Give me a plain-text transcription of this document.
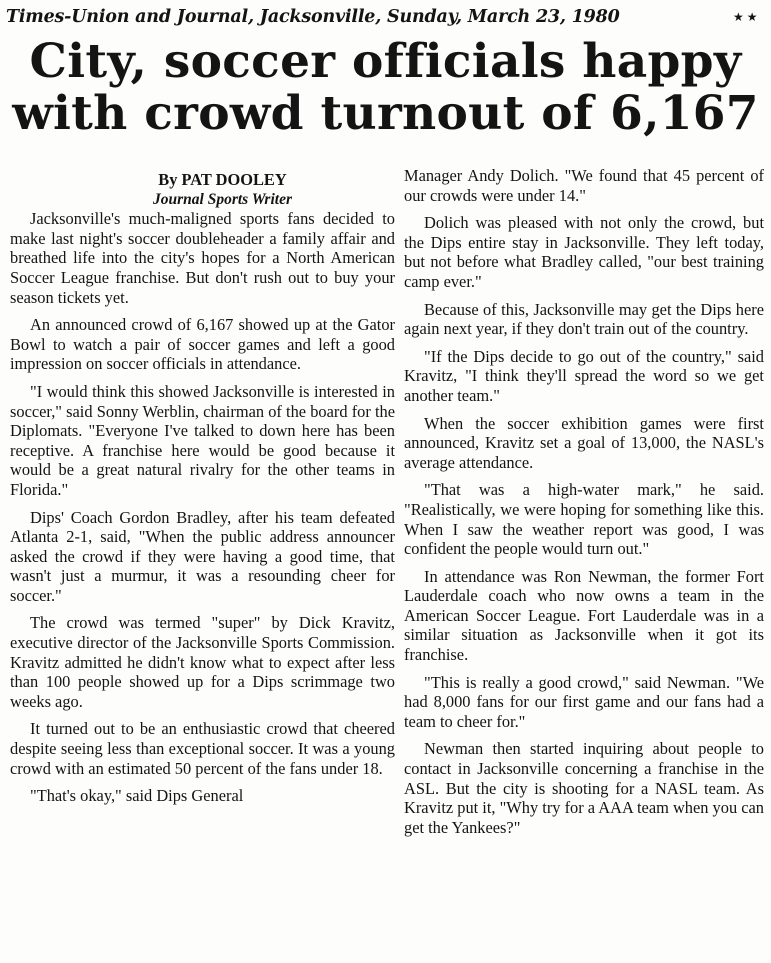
Times-Union and Journal, Jacksonville, Sunday, March 23, 1980	★★
City, soccer officials happy
with crowd turnout of 6,167
By PAT DOOLEY
Journal Sports Writer

Jacksonville's much-maligned sports fans decided to make last night's soccer doubleheader a family affair and breathed life into the city's hopes for a North American Soccer League franchise. But don't rush out to buy your season tickets yet.

An announced crowd of 6,167 showed up at the Gator Bowl to watch a pair of soccer games and left a good impression on soccer officials in attendance.

"I would think this showed Jacksonville is interested in soccer," said Sonny Werblin, chairman of the board for the Diplomats. "Everyone I've talked to down here has been receptive. A franchise here would be good because it would be a great natural rivalry for the other teams in Florida."

Dips' Coach Gordon Bradley, after his team defeated Atlanta 2-1, said, "When the public address announcer asked the crowd if they were having a good time, that wasn't just a murmur, it was a resounding cheer for soccer."

The crowd was termed "super" by Dick Kravitz, executive director of the Jacksonville Sports Commission. Kravitz admitted he didn't know what to expect after less than 100 people showed up for a Dips scrimmage two weeks ago.

It turned out to be an enthusiastic crowd that cheered despite seeing less than exceptional soccer. It was a young crowd with an estimated 50 percent of the fans under 18.

"That's okay," said Dips General

Manager Andy Dolich. "We found that 45 percent of our crowds were under 14."

Dolich was pleased with not only the crowd, but the Dips entire stay in Jacksonville. They left today, but not before what Bradley called, "our best training camp ever."

Because of this, Jacksonville may get the Dips here again next year, if they don't train out of the country.

"If the Dips decide to go out of the country," said Kravitz, "I think they'll spread the word so we get another team."

When the soccer exhibition games were first announced, Kravitz set a goal of 13,000, the NASL's average attendance.

"That was a high-water mark," he said. "Realistically, we were hoping for something like this. When I saw the weather report was good, I was confident the people would turn out."

In attendance was Ron Newman, the former Fort Lauderdale coach who now owns a team in the American Soccer League. Fort Lauderdale was in a similar situation as Jacksonville when it got its franchise.

"This is really a good crowd," said Newman. "We had 8,000 fans for our first game and our fans had a team to cheer for."

Newman then started inquiring about people to contact in Jacksonville concerning a franchise in the ASL. But the city is shooting for a NASL team. As Kravitz put it, "Why try for a AAA team when you can get the Yankees?"
